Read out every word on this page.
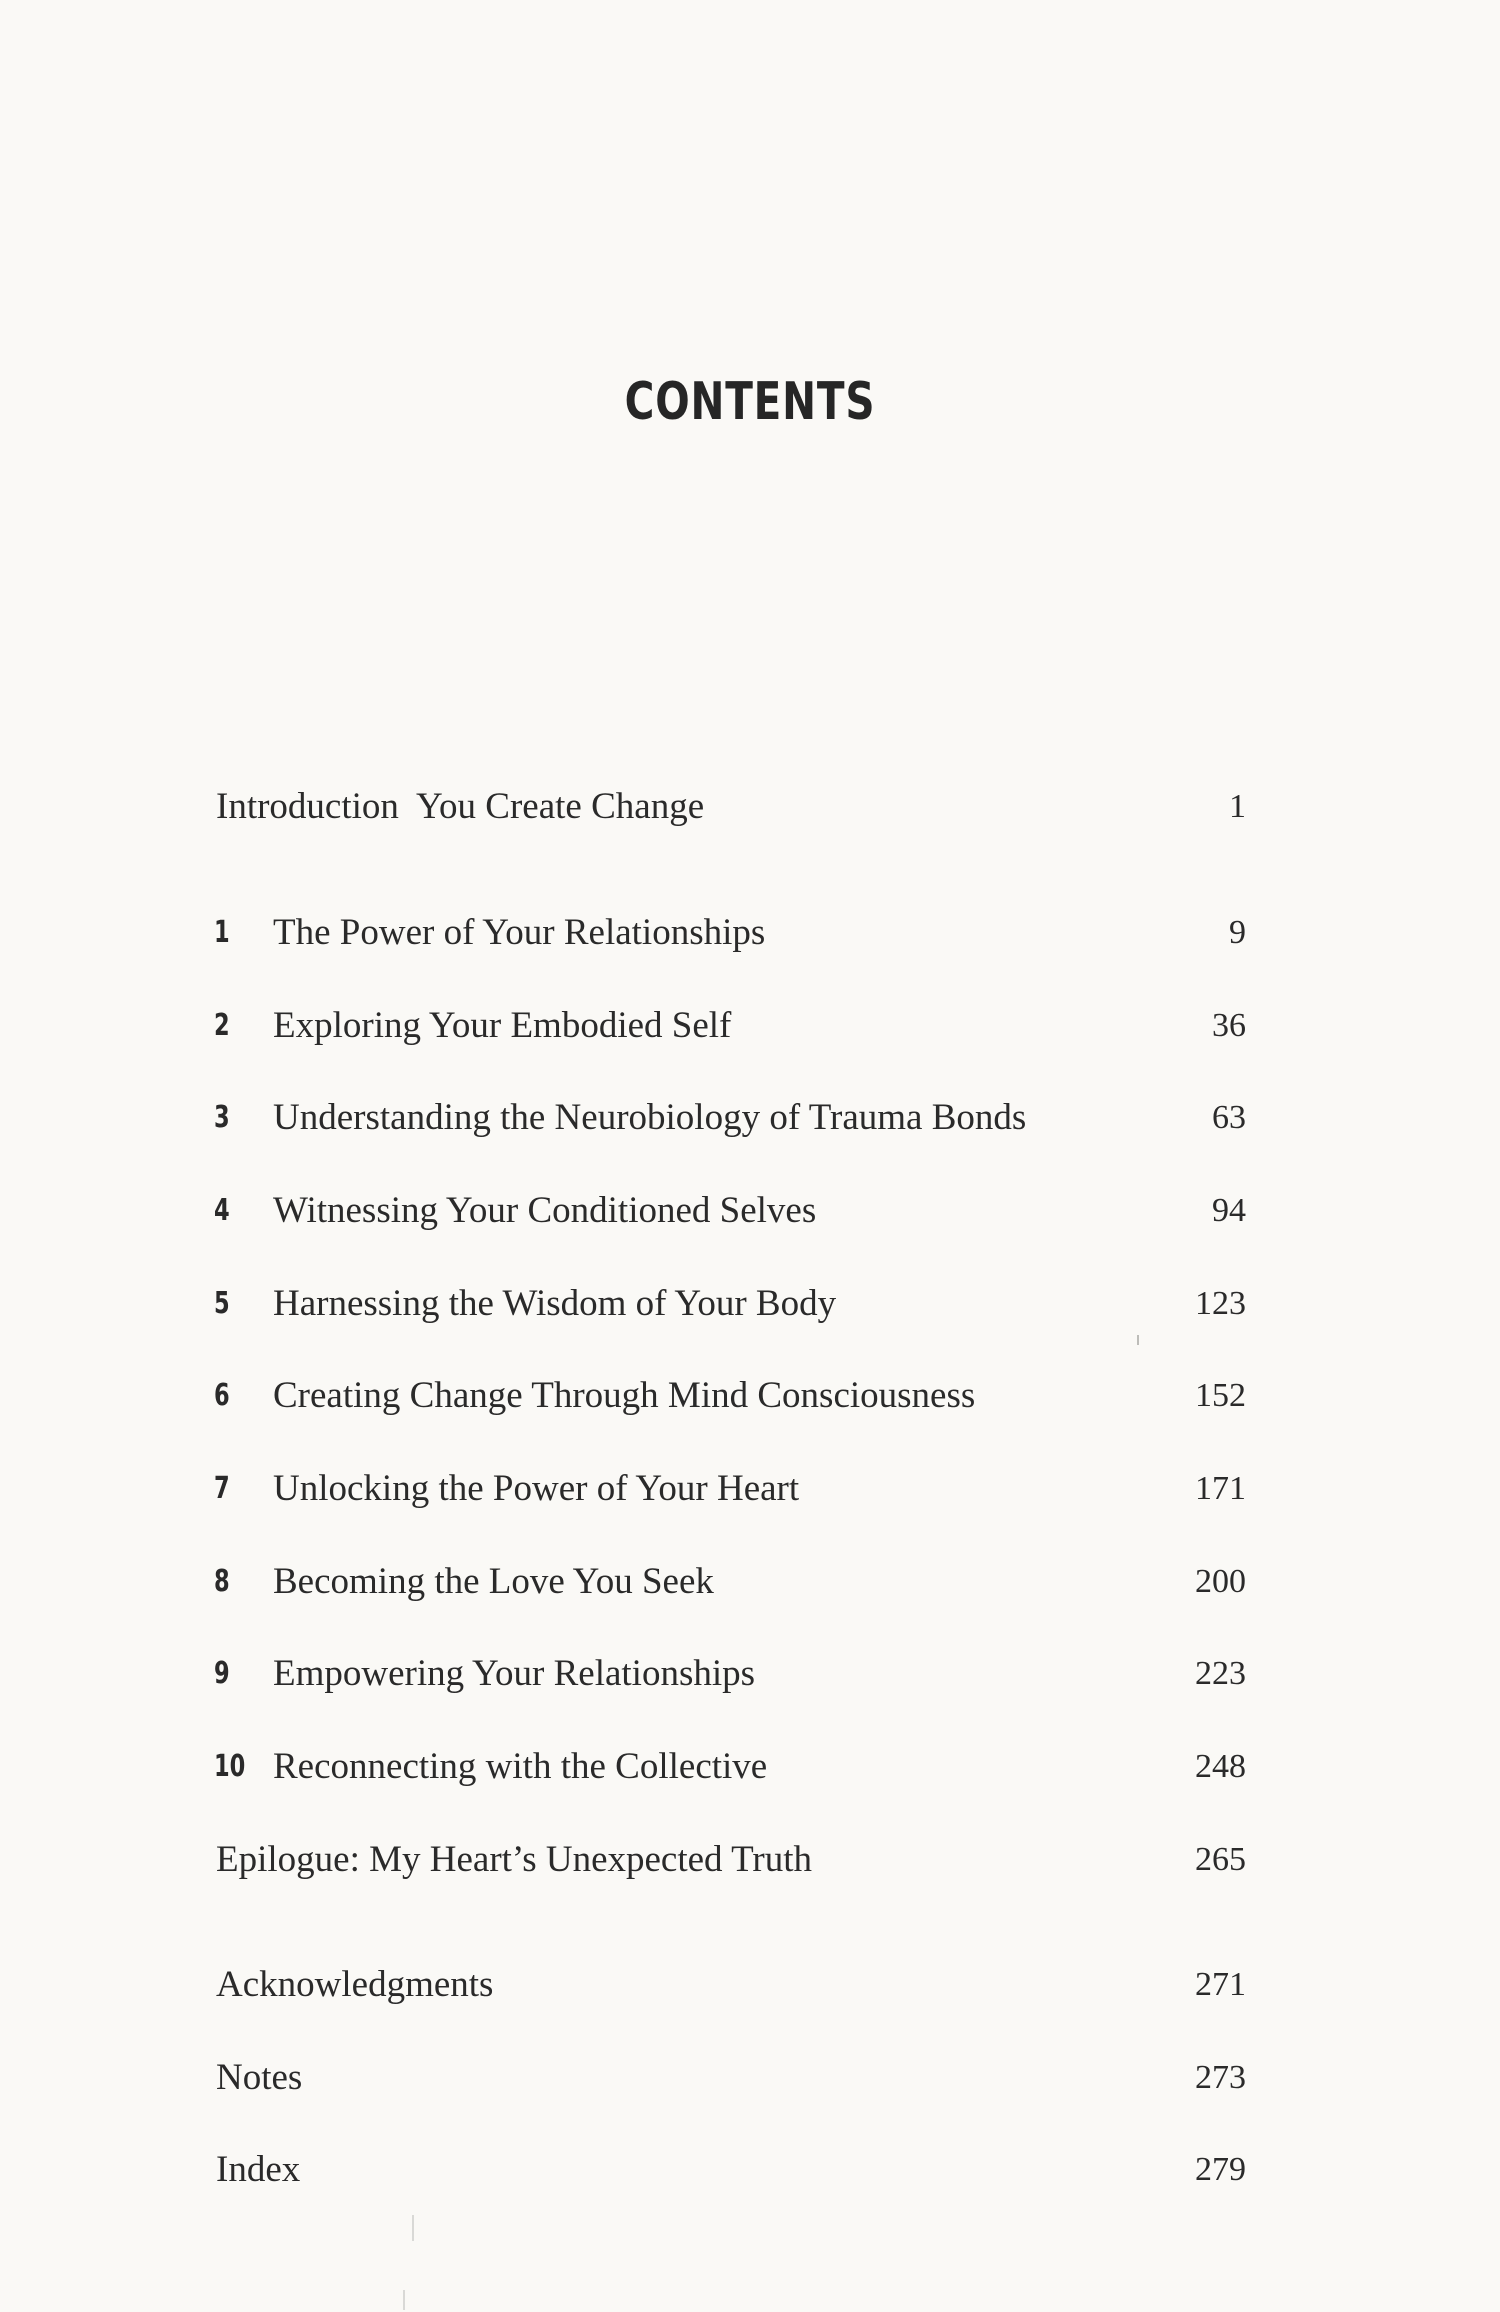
CONTENTS
Introduction  You Create Change	1
1	The Power of Your Relationships	9
2	Exploring Your Embodied Self	36
3	Understanding the Neurobiology of Trauma Bonds	63
4	Witnessing Your Conditioned Selves	94
5	Harnessing the Wisdom of Your Body	123
6	Creating Change Through Mind Consciousness	152
7	Unlocking the Power of Your Heart	171
8	Becoming the Love You Seek	200
9	Empowering Your Relationships	223
10 Reconnecting with the Collective	248
Epilogue: My Heart’s Unexpected Truth	265
Acknowledgments	271
Notes	273
Index	279
